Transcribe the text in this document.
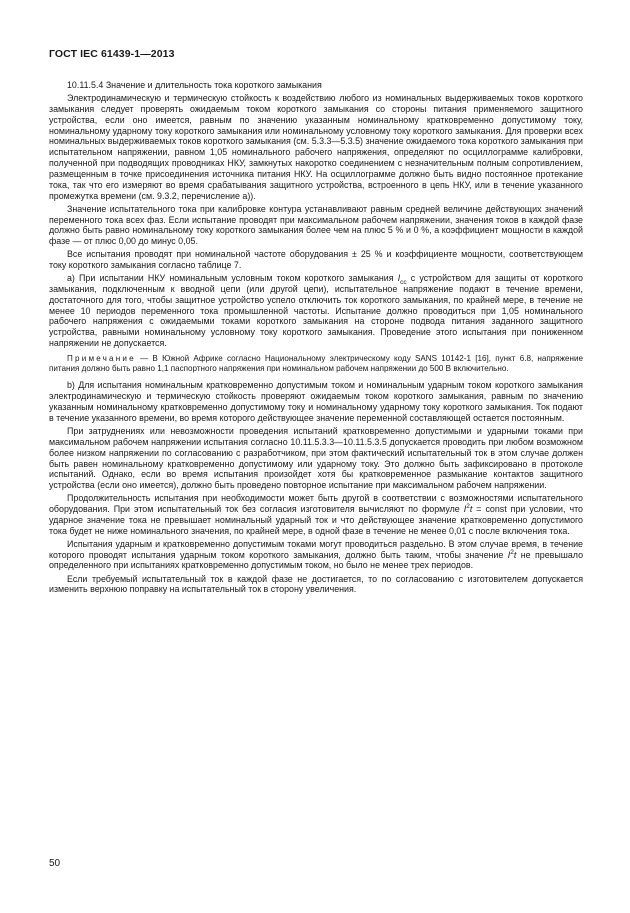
ГОСТ IEC 61439-1—2013

10.11.5.4 Значение и длительность тока короткого замыкания

Электродинамическую и термическую стойкость к воздействию любого из номинальных выдерживаемых токов короткого замыкания следует проверять ожидаемым током короткого замыкания со стороны питания применяемого защитного устройства, если оно имеется, равным по значению указанным номинальному кратковременно допустимому току, номинальному ударному току короткого замыкания или номинальному условному току короткого замыкания. Для проверки всех номинальных выдерживаемых токов короткого замыкания (см. 5.3.3—5.3.5) значение ожидаемого тока короткого замыкания при испытательном напряжении, равном 1,05 номинального рабочего напряжения, определяют по осциллограмме калибровки, полученной при подводящих проводниках НКУ, замкнутых накоротко соединением с незначительным полным сопротивлением, размещенным в точке присоединения источника питания НКУ. На осциллограмме должно быть видно постоянное протекание тока, так что его измеряют во время срабатывания защитного устройства, встроенного в цепь НКУ, или в течение указанного промежутка времени (см. 9.3.2, перечисление а)).

Значение испытательного тока при калибровке контура устанавливают равным средней величине действующих значений переменного тока всех фаз. Если испытание проводят при максимальном рабочем напряжении, значения токов в каждой фазе должно быть равно номинальному току короткого замыкания более чем на плюс 5 % и 0 %, а коэффициент мощности в каждой фазе — от плюс 0,00 до минус 0,05.

Все испытания проводят при номинальной частоте оборудования ± 25 % и коэффициенте мощности, соответствующем току короткого замыкания согласно таблице 7.

а) При испытании НКУ номинальным условным током короткого замыкания $I_{cc}$ с устройством для защиты от короткого замыкания, подключенным к вводной цепи (или другой цепи), испытательное напряжение подают в течение времени, достаточного для того, чтобы защитное устройство успело отключить ток короткого замыкания, по крайней мере, в течение не менее 10 периодов переменного тока промышленной частоты. Испытание должно проводиться при 1,05 номинального рабочего напряжения с ожидаемыми токами короткого замыкания на стороне подвода питания заданного защитного устройства, равными номинальному условному току короткого замыкания. Проведение этого испытания при пониженном напряжении не допускается.

Примечание — В Южной Африке согласно Национальному электрическому коду SANS 10142-1 [16], пункт 6.8, напряжение питания должно быть равно 1,1 паспортного напряжения при номинальном рабочем напряжении до 500 В включительно.

b) Для испытания номинальным кратковременно допустимым током и номинальным ударным током короткого замыкания электродинамическую и термическую стойкость проверяют ожидаемым током короткого замыкания, равным по значению указанным номинальному кратковременно допустимому току и номинальному ударному току короткого замыкания. Ток подают в течение указанного времени, во время которого действующее значение переменной составляющей остается постоянным.

При затруднениях или невозможности проведения испытаний кратковременно допустимыми и ударными токами при максимальном рабочем напряжении испытания согласно 10.11.5.3.3—10.11.5.3.5 допускается проводить при любом возможном более низком напряжении по согласованию с разработчиком, при этом фактический испытательный ток в этом случае должен быть равен номинальному кратковременно допустимому или ударному току. Это должно быть зафиксировано в протоколе испытаний. Однако, если во время испытания произойдет хотя бы кратковременное размыкание контактов защитного устройства (если оно имеется), должно быть проведено повторное испытание при максимальном рабочем напряжении.

Продолжительность испытания при необходимости может быть другой в соответствии с возможностями испытательного оборудования. При этом испытательный ток без согласия изготовителя вычисляют по формуле $I^2t$ = const при условии, что ударное значение тока не превышает номинальный ударный ток и что действующее значение кратковременно допустимого тока будет не ниже номинального значения, по крайней мере, в одной фазе в течение не менее 0,01 с после включения тока.

Испытания ударным и кратковременно допустимым токами могут проводиться раздельно. В этом случае время, в течение которого проводят испытания ударным током короткого замыкания, должно быть таким, чтобы значение $I^2t$ не превышало определенного при испытаниях кратковременно допустимым током, но было не менее трех периодов.

Если требуемый испытательный ток в каждой фазе не достигается, то по согласованию с изготовителем допускается изменить верхнюю поправку на испытательный ток в сторону увеличения.

50
